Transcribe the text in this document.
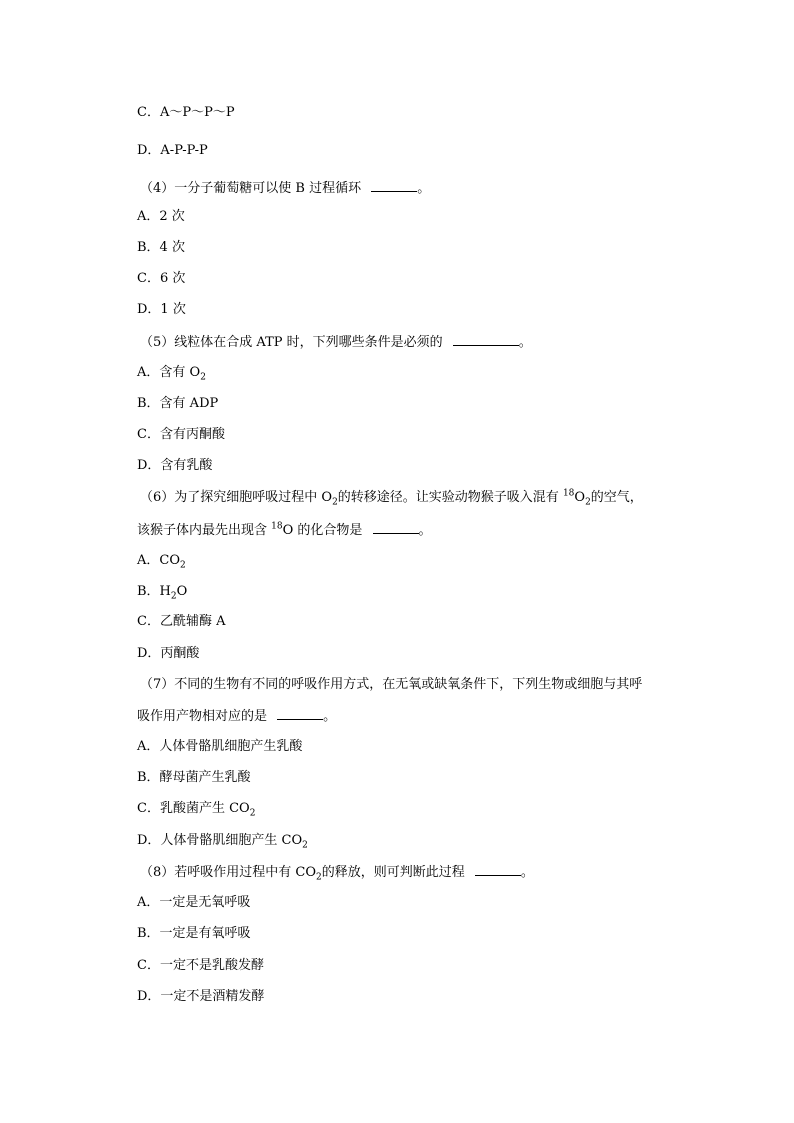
C．A～P～P～P
D．A-P-P-P
（4）一分子葡萄糖可以使 B 过程循环	。
A．2 次
B．4 次
C．6 次
D．1 次
（5）线粒体在合成 ATP 时，下列哪些条件是必须的	。
A．含有 $O_2$
B．含有 ADP
C．含有丙酮酸
D．含有乳酸
（6）为了探究细胞呼吸过程中 $O_2$的转移途径。让实验动物猴子吸入混有 $^{18}O_2$的空气，
该猴子体内最先出现含 $^{18}$O 的化合物是	。
A．$CO_2$
B．$H_2O$
C．乙酰辅酶 A
D．丙酮酸
（7）不同的生物有不同的呼吸作用方式，在无氧或缺氧条件下，下列生物或细胞与其呼
吸作用产物相对应的是	。
A．人体骨骼肌细胞产生乳酸
B．酵母菌产生乳酸
C．乳酸菌产生 $CO_2$
D．人体骨骼肌细胞产生 $CO_2$
（8）若呼吸作用过程中有 $CO_2$的释放，则可判断此过程	。
A．一定是无氧呼吸
B．一定是有氧呼吸
C．一定不是乳酸发酵
D．一定不是酒精发酵
